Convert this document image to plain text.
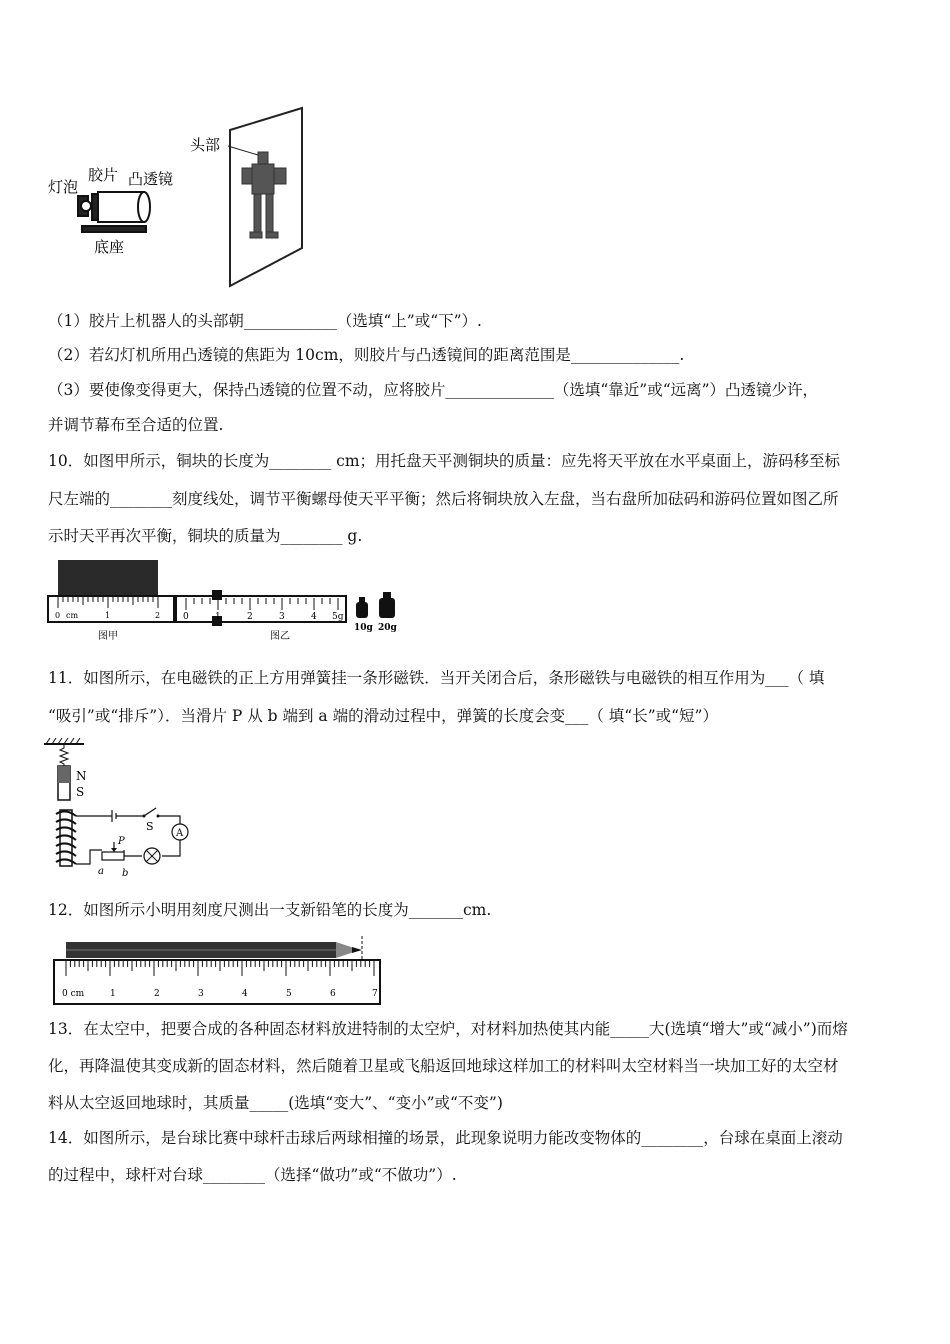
头部
灯泡
胶片 凸透镜
底座
（1）胶片上机器人的头部朝____________（选填“上”或“下”）.
（2）若幻灯机所用凸透镜的焦距为 10cm，则胶片与凸透镜间的距离范围是______________.
（3）要使像变得更大，保持凸透镜的位置不动，应将胶片______________（选填“靠近”或“远离”）凸透镜少许，
并调节幕布至合适的位置.
10．如图甲所示，铜块的长度为________ cm；用托盘天平测铜块的质量：应先将天平放在水平桌面上，游码移至标
尺左端的________刻度线处，调节平衡螺母使天平平衡；然后将铜块放入左盘，当右盘所加砝码和游码位置如图乙所
示时天平再次平衡，铜块的质量为________ g.
0 cm	1	2
图甲
0	1	2	3	4 5g
图乙
10g 20g
11．如图所示，在电磁铁的正上方用弹簧挂一条形磁铁．当开关闭合后，条形磁铁与电磁铁的相互作用为___（ 填
“吸引”或“排斥”）．当滑片 P 从 b 端到 a 端的滑动过程中，弹簧的长度会变___（ 填“长”或“短”）
N
S
S
A
P
a b
12．如图所示小明用刻度尺测出一支新铅笔的长度为_______cm.
0 cm	1	2	3	4	5	6	7
13．在太空中，把要合成的各种固态材料放进特制的太空炉，对材料加热使其内能_____大(选填“增大”或“减小”)而熔
化，再降温使其变成新的固态材料，然后随着卫星或飞船返回地球这样加工的材料叫太空材料当一块加工好的太空材
料从太空返回地球时，其质量_____(选填“变大”、“变小”或“不变”)
14．如图所示，是台球比赛中球杆击球后两球相撞的场景，此现象说明力能改变物体的________，台球在桌面上滚动
的过程中，球杆对台球________（选择“做功”或“不做功”）.
